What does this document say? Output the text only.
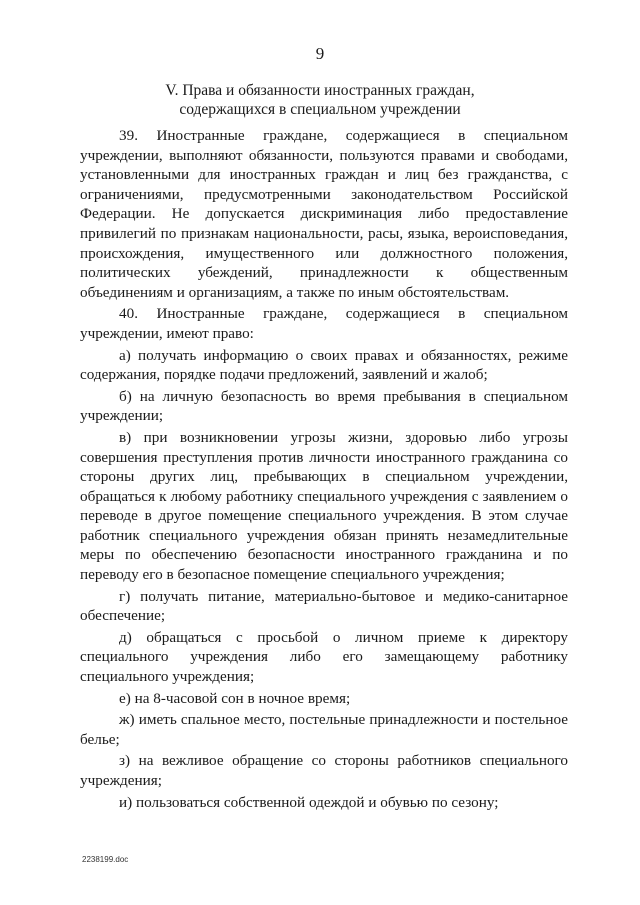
9
V. Права и обязанности иностранных граждан,
содержащихся в специальном учреждении

39. Иностранные граждане, содержащиеся в специальном учреждении, выполняют обязанности, пользуются правами и свободами, установленными для иностранных граждан и лиц без гражданства, с ограничениями, предусмотренными законодательством Российской Федерации. Не допускается дискриминация либо предоставление привилегий по признакам национальности, расы, языка, вероисповедания, происхождения, имущественного или должностного положения, политических убеждений, принадлежности к общественным объединениям и организациям, а также по иным обстоятельствам.

40. Иностранные граждане, содержащиеся в специальном учреждении, имеют право:

а) получать информацию о своих правах и обязанностях, режиме содержания, порядке подачи предложений, заявлений и жалоб;

б) на личную безопасность во время пребывания в специальном учреждении;

в) при возникновении угрозы жизни, здоровью либо угрозы совершения преступления против личности иностранного гражданина со стороны других лиц, пребывающих в специальном учреждении, обращаться к любому работнику специального учреждения с заявлением о переводе в другое помещение специального учреждения. В этом случае работник специального учреждения обязан принять незамедлительные меры по обеспечению безопасности иностранного гражданина и по переводу его в безопасное помещение специального учреждения;

г) получать питание, материально-бытовое и медико-санитарное обеспечение;

д) обращаться с просьбой о личном приеме к директору специального учреждения либо его замещающему работнику специального учреждения;

е) на 8-часовой сон в ночное время;

ж) иметь спальное место, постельные принадлежности и постельное белье;

з) на вежливое обращение со стороны работников специального учреждения;

и) пользоваться собственной одеждой и обувью по сезону;

2238199.doc
